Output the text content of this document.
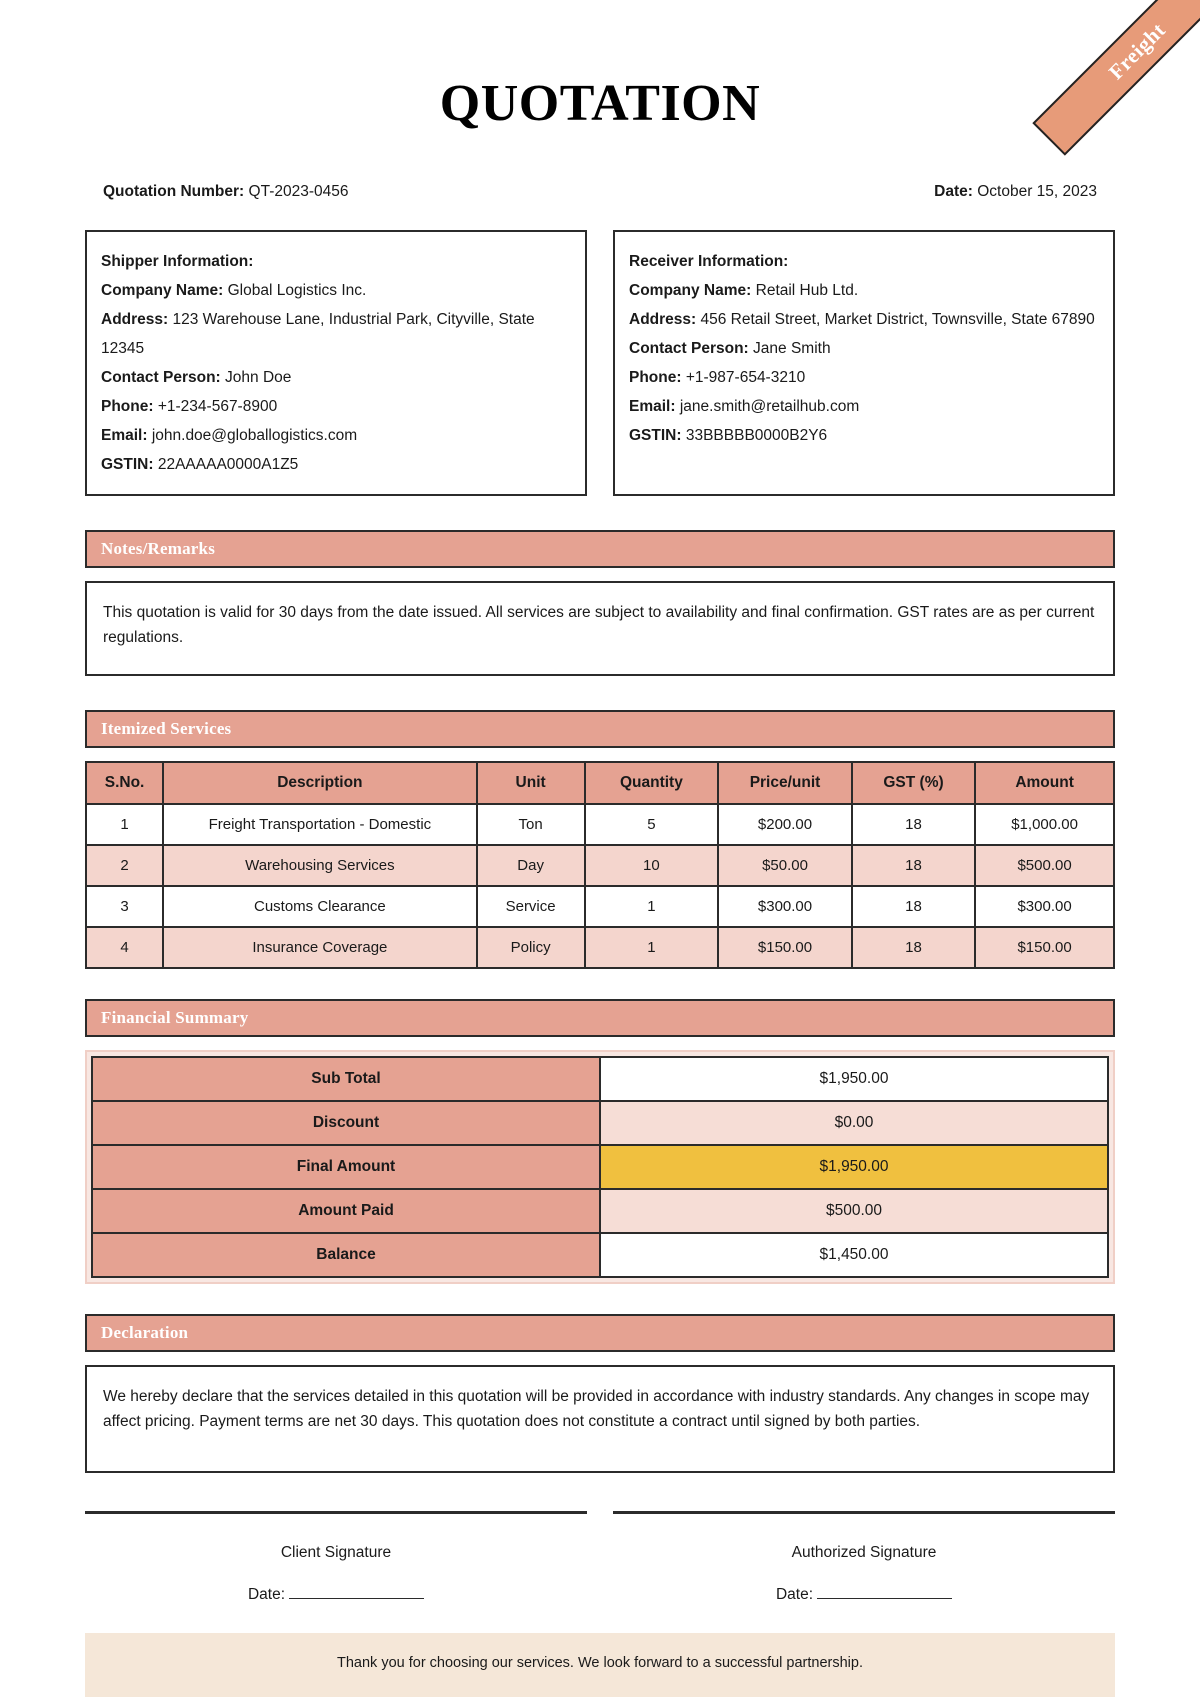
Freight
QUOTATION
Quotation Number: QT-2023-0456	Date: October 15, 2023
Shipper Information:
Company Name: Global Logistics Inc.
Address: 123 Warehouse Lane, Industrial Park, Cityville, State 12345
Contact Person: John Doe
Phone: +1-234-567-8900
Email: john.doe@globallogistics.com
GSTIN: 22AAAAA0000A1Z5
Receiver Information:
Company Name: Retail Hub Ltd.
Address: 456 Retail Street, Market District, Townsville, State 67890
Contact Person: Jane Smith
Phone: +1-987-654-3210
Email: jane.smith@retailhub.com
GSTIN: 33BBBBB0000B2Y6
Notes/Remarks
This quotation is valid for 30 days from the date issued. All services are subject to availability and final confirmation. GST rates are as per current regulations.
Itemized Services
S.No.	Description	Unit	Quantity	Price/unit	GST (%)	Amount
1	Freight Transportation - Domestic	Ton	5	$200.00	18	$1,000.00
2	Warehousing Services	Day	10	$50.00	18	$500.00
3	Customs Clearance	Service	1	$300.00	18	$300.00
4	Insurance Coverage	Policy	1	$150.00	18	$150.00
Financial Summary
Sub Total	$1,950.00
Discount	$0.00
Final Amount	$1,950.00
Amount Paid	$500.00
Balance	$1,450.00
Declaration
We hereby declare that the services detailed in this quotation will be provided in accordance with industry standards. Any changes in scope may affect pricing. Payment terms are net 30 days. This quotation does not constitute a contract until signed by both parties.
Client Signature
Date:
Authorized Signature
Date:
Thank you for choosing our services. We look forward to a successful partnership.
